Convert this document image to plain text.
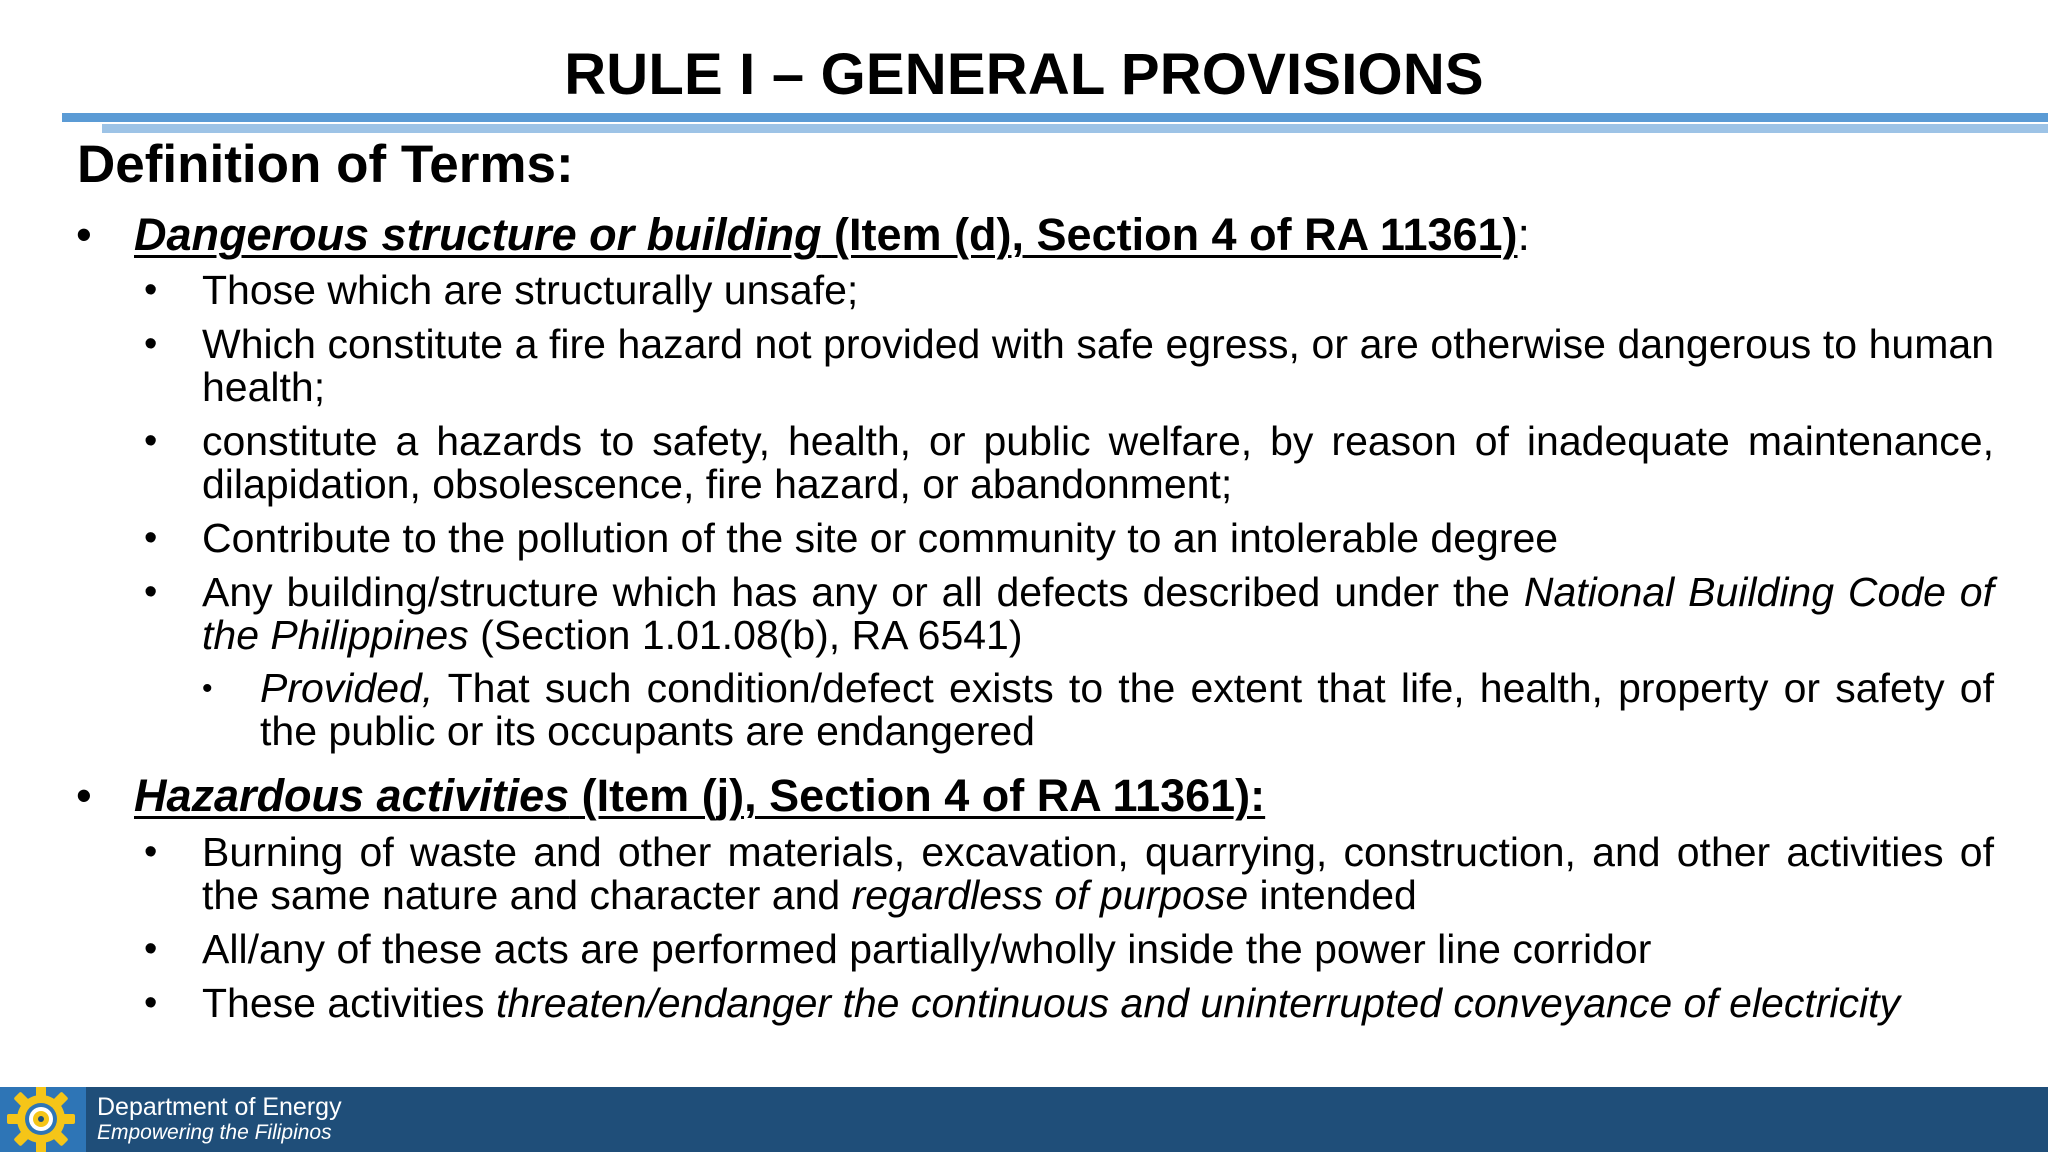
RULE I – GENERAL PROVISIONS
Definition of Terms:
• Dangerous structure or building (Item (d), Section 4 of RA 11361):
• Those which are structurally unsafe;
• Which constitute a fire hazard not provided with safe egress, or are otherwise dangerous to human health;
• constitute a hazards to safety, health, or public welfare, by reason of inadequate maintenance, dilapidation, obsolescence, fire hazard, or abandonment;
• Contribute to the pollution of the site or community to an intolerable degree
• Any building/structure which has any or all defects described under the National Building Code of the Philippines (Section 1.01.08(b), RA 6541)
• Provided, That such condition/defect exists to the extent that life, health, property or safety of the public or its occupants are endangered
• Hazardous activities (Item (j), Section 4 of RA 11361):
• Burning of waste and other materials, excavation, quarrying, construction, and other activities of the same nature and character and regardless of purpose intended
• All/any of these acts are performed partially/wholly inside the power line corridor
• These activities threaten/endanger the continuous and uninterrupted conveyance of electricity
Department of Energy
Empowering the Filipinos
